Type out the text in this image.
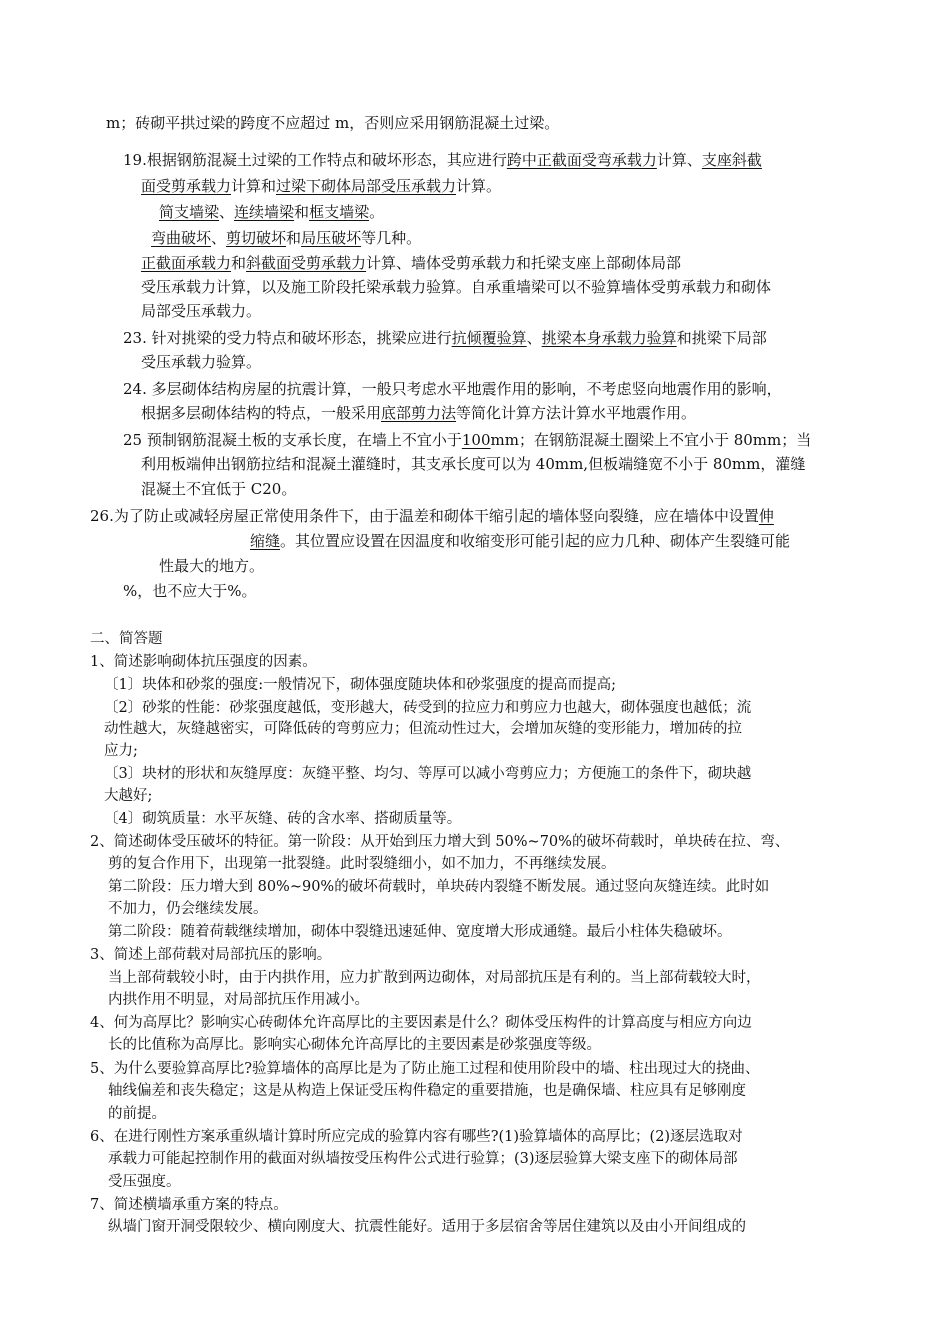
m；砖砌平拱过梁的跨度不应超过 m，否则应采用钢筋混凝土过梁。
19.根据钢筋混凝土过梁的工作特点和破坏形态，其应进行跨中正截面受弯承载力计算、支座斜截
面受剪承载力计算和过梁下砌体局部受压承载力计算。
简支墙梁、连续墙梁和框支墙梁。
弯曲破坏、剪切破坏和局压破坏等几种。
正截面承载力和斜截面受剪承载力计算、墙体受剪承载力和托梁支座上部砌体局部
受压承载力计算，以及施工阶段托梁承载力验算。自承重墙梁可以不验算墙体受剪承载力和砌体
局部受压承载力。
23. 针对挑梁的受力特点和破坏形态，挑梁应进行抗倾覆验算、挑梁本身承载力验算和挑梁下局部
受压承载力验算。
24. 多层砌体结构房屋的抗震计算，一般只考虑水平地震作用的影响，不考虑竖向地震作用的影响，
根据多层砌体结构的特点，一般采用底部剪力法等简化计算方法计算水平地震作用。
25 预制钢筋混凝土板的支承长度，在墙上不宜小于100mm；在钢筋混凝土圈梁上不宜小于 80mm；当
利用板端伸出钢筋拉结和混凝土灌缝时，其支承长度可以为 40mm,但板端缝宽不小于 80mm，灌缝
混凝土不宜低于 C20。
26.为了防止或减轻房屋正常使用条件下，由于温差和砌体干缩引起的墙体竖向裂缝，应在墙体中设置伸
缩缝。其位置应设置在因温度和收缩变形可能引起的应力几种、砌体产生裂缝可能
性最大的地方。
%，也不应大于%。
二、简答题
1、简述影响砌体抗压强度的因素。
〔1〕块体和砂浆的强度:一般情况下，砌体强度随块体和砂浆强度的提高而提高;
〔2〕砂浆的性能：砂浆强度越低，变形越大，砖受到的拉应力和剪应力也越大，砌体强度也越低；流
动性越大，灰缝越密实，可降低砖的弯剪应力；但流动性过大，会增加灰缝的变形能力，增加砖的拉
应力;
〔3〕块材的形状和灰缝厚度：灰缝平整、均匀、等厚可以减小弯剪应力；方便施工的条件下，砌块越
大越好;
〔4〕砌筑质量：水平灰缝、砖的含水率、搭砌质量等。
2、简述砌体受压破坏的特征。第一阶段：从开始到压力增大到 50%~70%的破坏荷载时，单块砖在拉、弯、
剪的复合作用下，出现第一批裂缝。此时裂缝细小，如不加力，不再继续发展。
第二阶段：压力增大到 80%~90%的破坏荷载时，单块砖内裂缝不断发展。通过竖向灰缝连续。此时如
不加力，仍会继续发展。
第二阶段：随着荷载继续增加，砌体中裂缝迅速延伸、宽度增大形成通缝。最后小柱体失稳破坏。
3、简述上部荷载对局部抗压的影响。
当上部荷载较小时，由于内拱作用，应力扩散到两边砌体，对局部抗压是有利的。当上部荷载较大时，
内拱作用不明显，对局部抗压作用减小。
4、何为高厚比？影响实心砖砌体允许高厚比的主要因素是什么？砌体受压构件的计算高度与相应方向边
长的比值称为高厚比。影响实心砌体允许高厚比的主要因素是砂浆强度等级。
5、为什么要验算高厚比?验算墙体的高厚比是为了防止施工过程和使用阶段中的墙、柱出现过大的挠曲、
轴线偏差和丧失稳定；这是从构造上保证受压构件稳定的重要措施，也是确保墙、柱应具有足够刚度
的前提。
6、在进行刚性方案承重纵墙计算时所应完成的验算内容有哪些?(1)验算墙体的高厚比；(2)逐层选取对
承载力可能起控制作用的截面对纵墙按受压构件公式进行验算；(3)逐层验算大梁支座下的砌体局部
受压强度。
7、简述横墙承重方案的特点。
纵墙门窗开洞受限较少、横向刚度大、抗震性能好。适用于多层宿舍等居住建筑以及由小开间组成的
